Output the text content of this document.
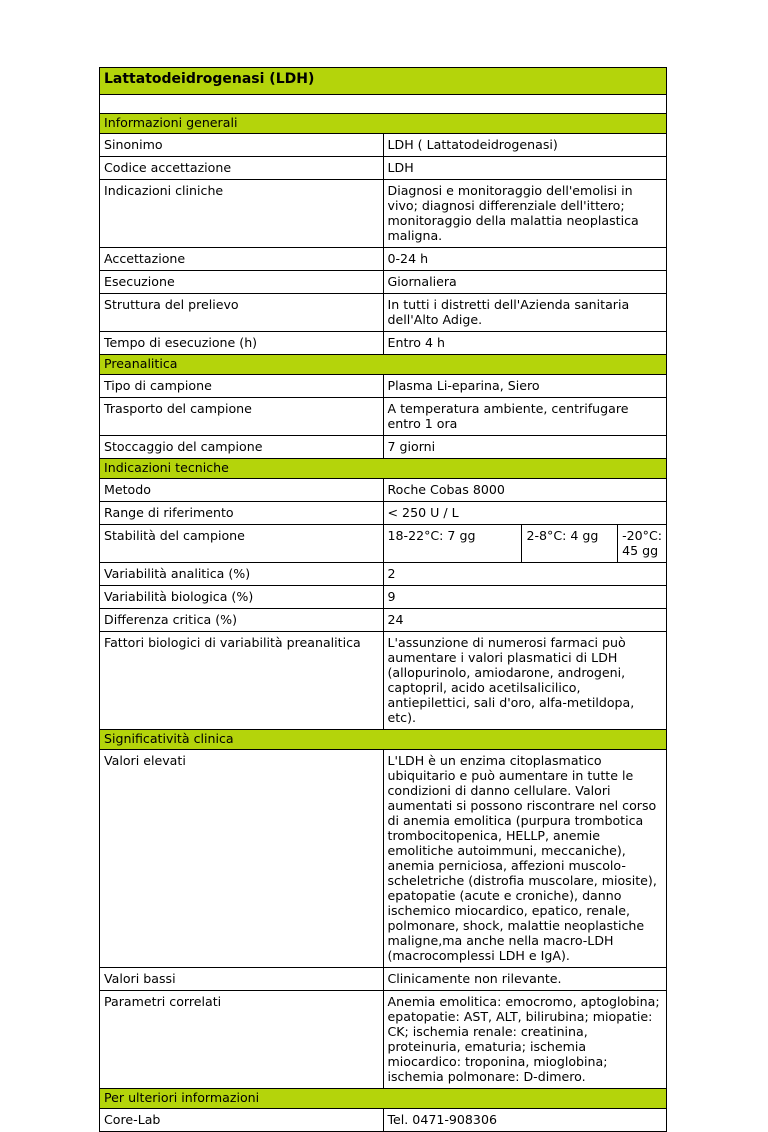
Lattatodeidrogenasi (LDH)	

Informazioni generali	
Sinonimo	LDH ( Lattatodeidrogenasi)
Codice accettazione	LDH
Indicazioni cliniche	Diagnosi e monitoraggio dell'emolisi in vivo; diagnosi differenziale dell'ittero; monitoraggio della malattia neoplastica maligna.
Accettazione	0-24 h
Esecuzione	Giornaliera
Struttura del prelievo	In tutti i distretti dell'Azienda sanitaria dell'Alto Adige.
Tempo di esecuzione (h)	Entro 4 h
Preanalitica	
Tipo di campione	Plasma Li-eparina, Siero
Trasporto del campione	A temperatura ambiente, centrifugare entro 1 ora
Stoccaggio del campione	7 giorni
Indicazioni tecniche	
Metodo	Roche Cobas 8000
Range di riferimento	< 250 U / L
Stabilità del campione	18-22°C: 7 gg 2-8°C: 4 gg -20°C: 45 gg

Variabilità analitica (%)	2
Variabilità biologica (%)	9
Differenza critica (%)	24
Fattori biologici di variabilità preanalitica	L'assunzione di numerosi farmaci può aumentare i valori plasmatici di LDH (allopurinolo, amiodarone, androgeni, captopril, acido acetilsalicilico, antiepilettici, sali d'oro, alfa-metildopa, etc).
Significatività clinica	
Valori elevati	L'LDH è un enzima citoplasmatico ubiquitario e può aumentare in tutte le condizioni di danno cellulare. Valori aumentati si possono riscontrare nel corso di anemia emolitica (purpura trombotica trombocitopenica, HELLP, anemie emolitiche autoimmuni, meccaniche), anemia perniciosa, affezioni muscolo-scheletriche (distrofia muscolare, miosite), epatopatie (acute e croniche), danno ischemico miocardico, epatico, renale, polmonare, shock, malattie neoplastiche maligne,ma anche nella macro-LDH (macrocomplessi LDH e IgA).
Valori bassi	Clinicamente non rilevante.
Parametri correlati	Anemia emolitica: emocromo, aptoglobina; epatopatie: AST, ALT, bilirubina; miopatie: CK; ischemia renale: creatinina, proteinuria, ematuria; ischemia miocardico: troponina, mioglobina; ischemia polmonare: D-dimero.
Per ulteriori informazioni	
Core-Lab	Tel. 0471-908306
